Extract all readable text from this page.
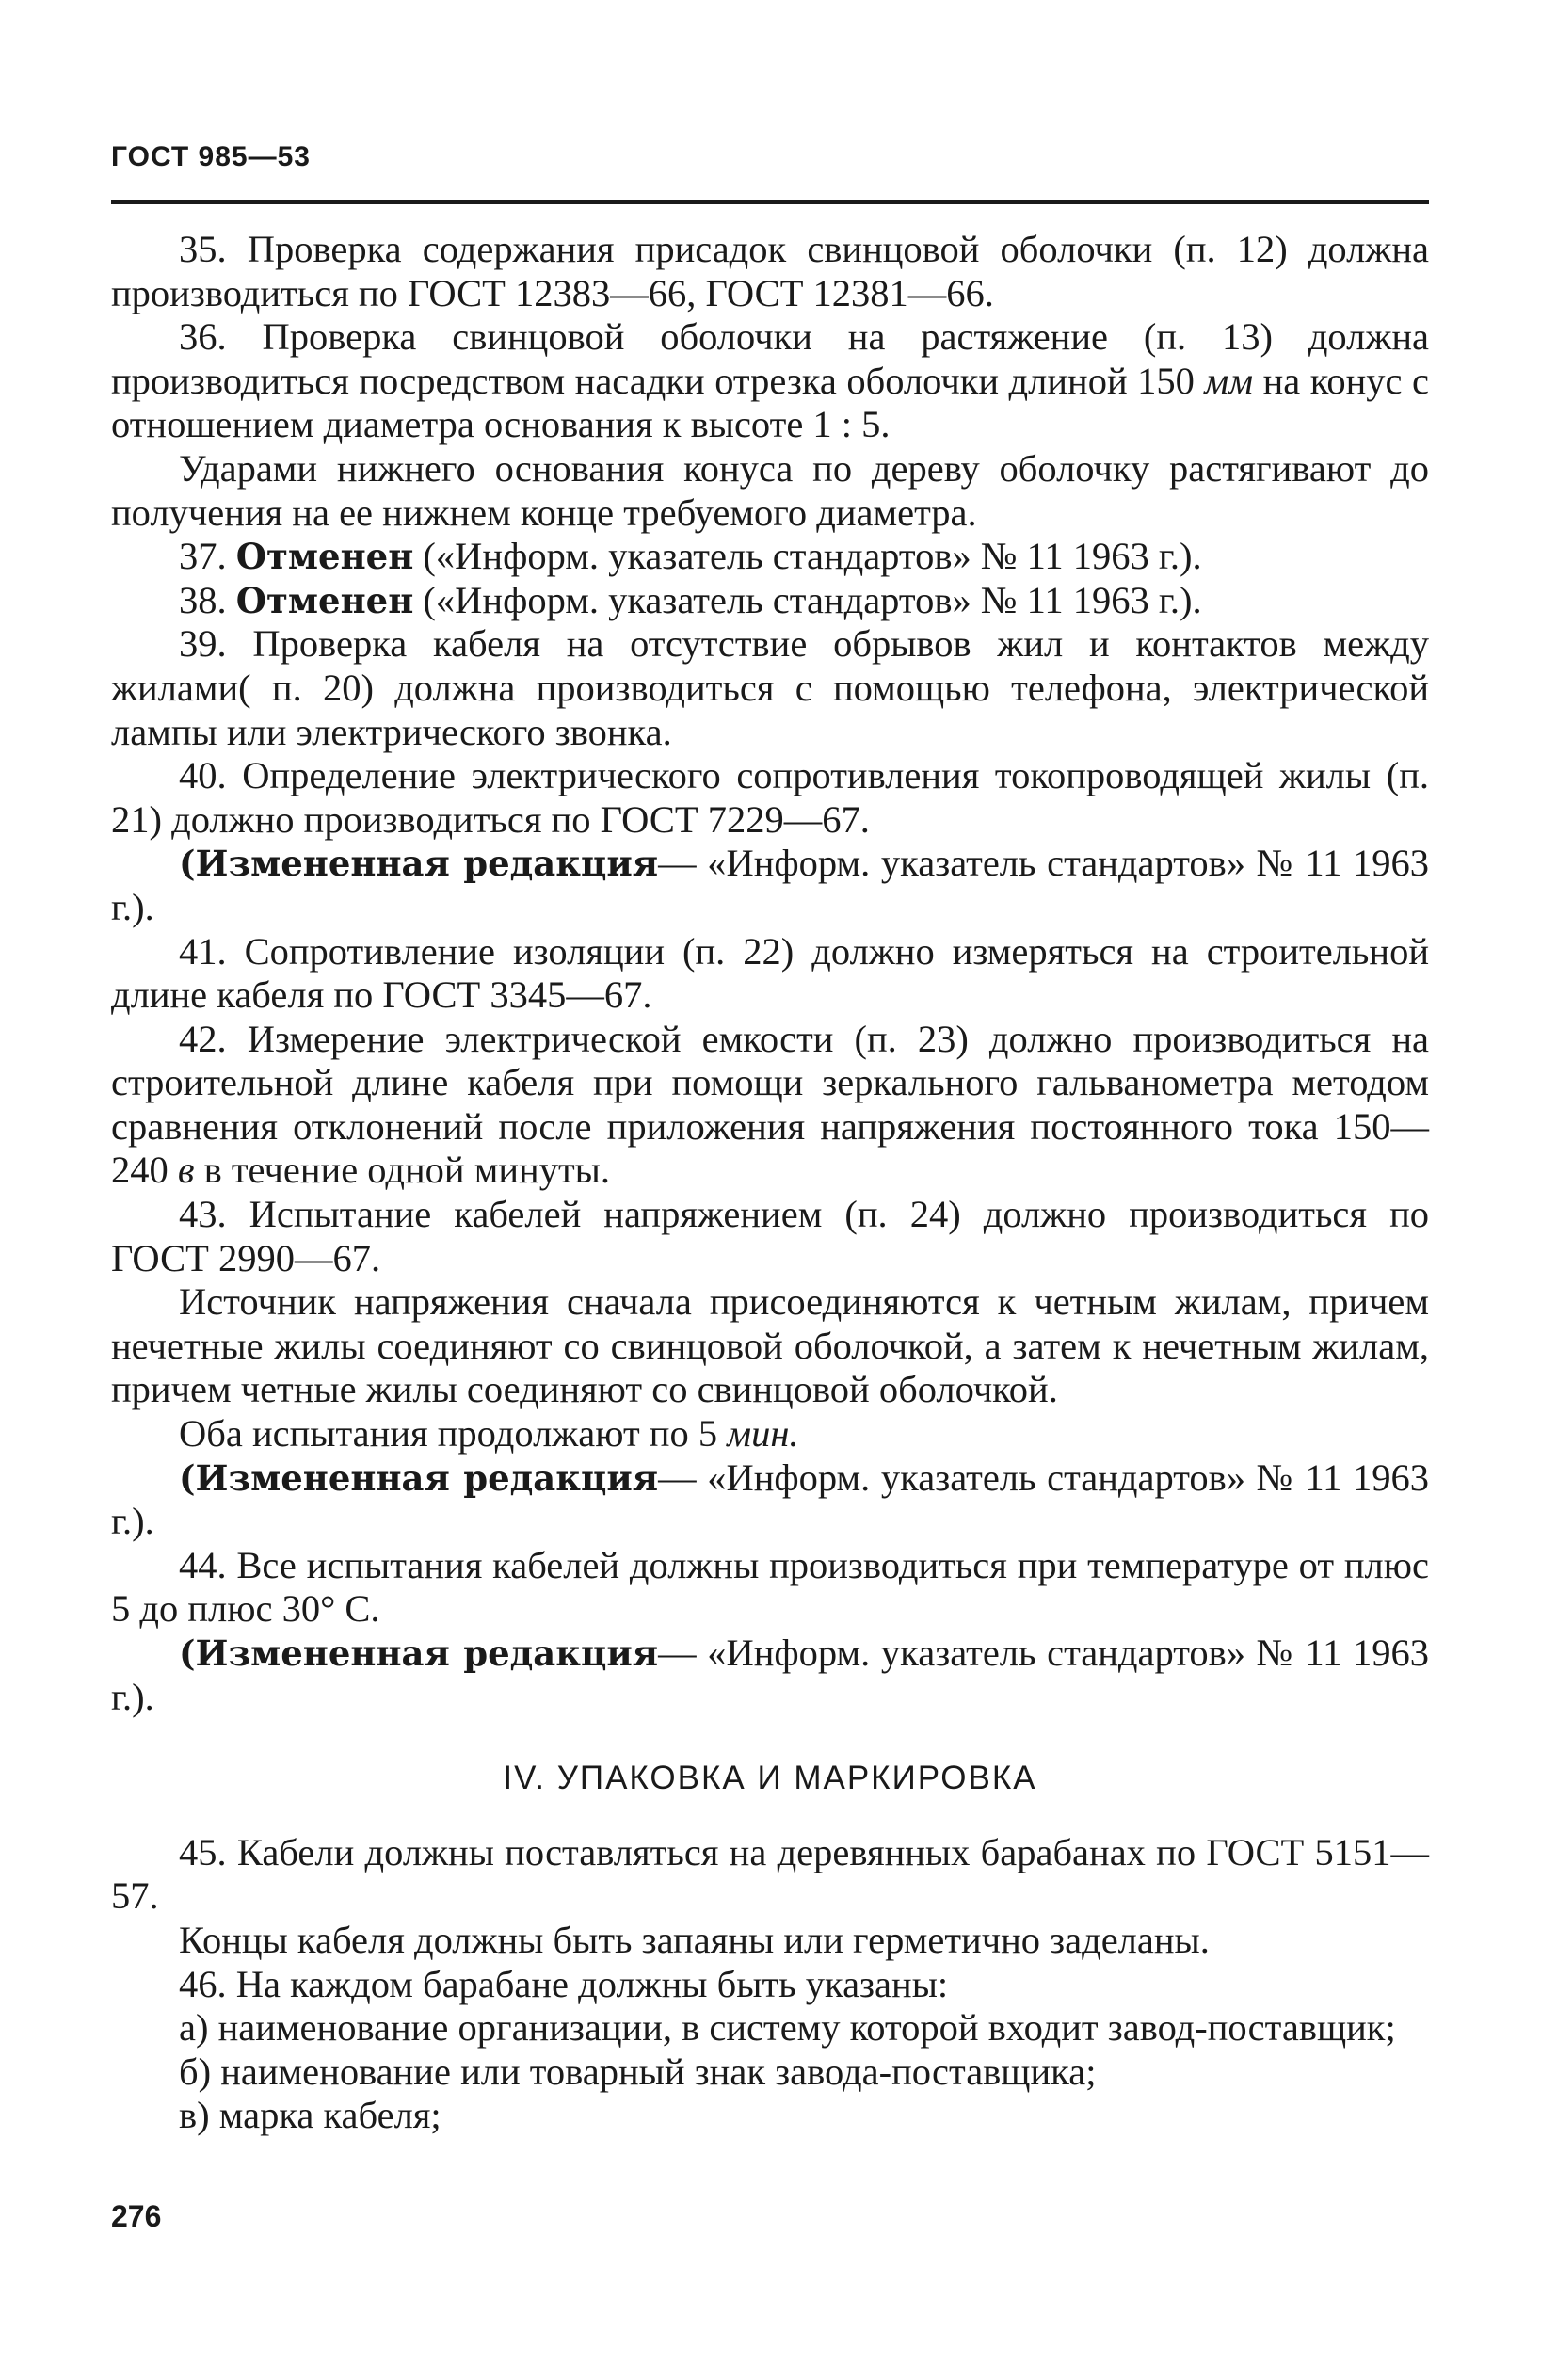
ГОСТ 985—53

35. Проверка содержания присадок свинцовой оболочки (п. 12) должна производиться по ГОСТ 12383—66, ГОСТ 12381—66.

36. Проверка свинцовой оболочки на растяжение (п. 13) должна производиться посредством насадки отрезка оболочки длиной 150 мм на конус с отношением диаметра основания к высоте 1 : 5.

Ударами нижнего основания конуса по дереву оболочку растягивают до получения на ее нижнем конце требуемого диаметра.

37. Отменен («Информ. указатель стандартов» № 11 1963 г.).

38. Отменен («Информ. указатель стандартов» № 11 1963 г.).

39. Проверка кабеля на отсутствие обрывов жил и контактов между жилами( п. 20) должна производиться с помощью телефона, электрической лампы или электрического звонка.

40. Определение электрического сопротивления токопроводящей жилы (п. 21) должно производиться по ГОСТ 7229—67.

(Измененная редакция— «Информ. указатель стандартов» № 11 1963 г.).

41. Сопротивление изоляции (п. 22) должно измеряться на строительной длине кабеля по ГОСТ 3345—67.

42. Измерение электрической емкости (п. 23) должно производиться на строительной длине кабеля при помощи зеркального гальванометра методом сравнения отклонений после приложения напряжения постоянного тока 150—240 в в течение одной минуты.

43. Испытание кабелей напряжением (п. 24) должно производиться по ГОСТ 2990—67.

Источник напряжения сначала присоединяются к четным жилам, причем нечетные жилы соединяют со свинцовой оболочкой, а затем к нечетным жилам, причем четные жилы соединяют со свинцовой оболочкой.

Оба испытания продолжают по 5 мин.

(Измененная редакция— «Информ. указатель стандартов» № 11 1963 г.).

44. Все испытания кабелей должны производиться при температуре от плюс 5 до плюс 30° С.

(Измененная редакция— «Информ. указатель стандартов» № 11 1963 г.).

IV. УПАКОВКА И МАРКИРОВКА

45. Кабели должны поставляться на деревянных барабанах по ГОСТ 5151—57.

Концы кабеля должны быть запаяны или герметично заделаны.

46. На каждом барабане должны быть указаны:

а) наименование организации, в систему которой входит завод-поставщик;

б) наименование или товарный знак завода-поставщика;

в) марка кабеля;

276
